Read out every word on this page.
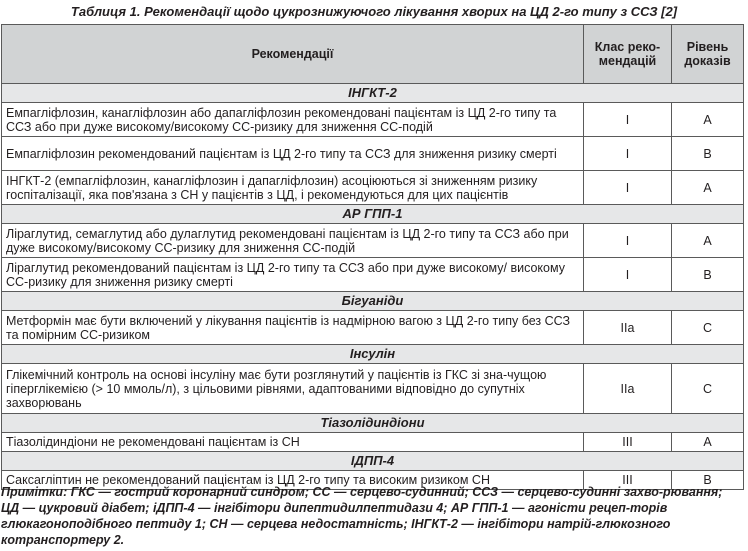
Таблиця 1. Рекомендації щодо цукрознижуючого лікування хворих на ЦД 2-го типу з ССЗ [2]
Рекомендації	Клас реко-мендацій	Рівень доказів
ІНГКТ-2		
Емпагліфлозин, канагліфлозин або дапагліфлозин рекомендовані пацієнтам із ЦД 2-го типу та ССЗ або при дуже високому/високому СС-ризику для зниження СС-подій	I	A
Емпагліфлозин рекомендований пацієнтам із ЦД 2-го типу та ССЗ для зниження ризику смерті	I	B
ІНГКТ-2 (емпагліфлозин, канагліфлозин і дапагліфлозин) асоціюються зі зниженням ризику госпіталізації, яка пов'язана з СН у пацієнтів з ЦД, і рекомендуються для цих пацієнтів	I	A
АР ГПП-1		
Ліраглутид, семаглутид або дулаглутид рекомендовані пацієнтам із ЦД 2-го типу та ССЗ або при дуже високому/високому СС-ризику для зниження СС-подій	I	A
Ліраглутид рекомендований пацієнтам із ЦД 2-го типу та ССЗ або при дуже високому/ високому СС-ризику для зниження ризику смерті	I	B
Бігуаніди		
Метформін має бути включений у лікування пацієнтів із надмірною вагою з ЦД 2-го типу без ССЗ та помірним СС-ризиком	IIa	C
Інсулін		
Глікемічний контроль на основі інсуліну має бути розглянутий у пацієнтів із ГКС зі зна-чущою гіперглікемією (> 10 ммоль/л), з цільовими рівнями, адаптованими відповідно до супутніх захворювань	IIa	C
Тіазолідиндіони		
Тіазолідиндіони не рекомендовані пацієнтам із СН	III	A
ІДПП-4		
Саксагліптин не рекомендований пацієнтам із ЦД 2-го типу та високим ризиком СН	III	B
Примітки: ГКС — гострий коронарний синдром; СС — серцево-судинний; ССЗ — серцево-судинні захво-рювання; ЦД — цукровий діабет; іДПП-4 — інгібітори дипептидилпептидази 4; АР ГПП-1 — агоністи рецеп-торів глюкагоноподібного пептиду 1; СН — серцева недостатність; ІНГКТ-2 — інгібітори натрій-глюкозного котранспортеру 2.
